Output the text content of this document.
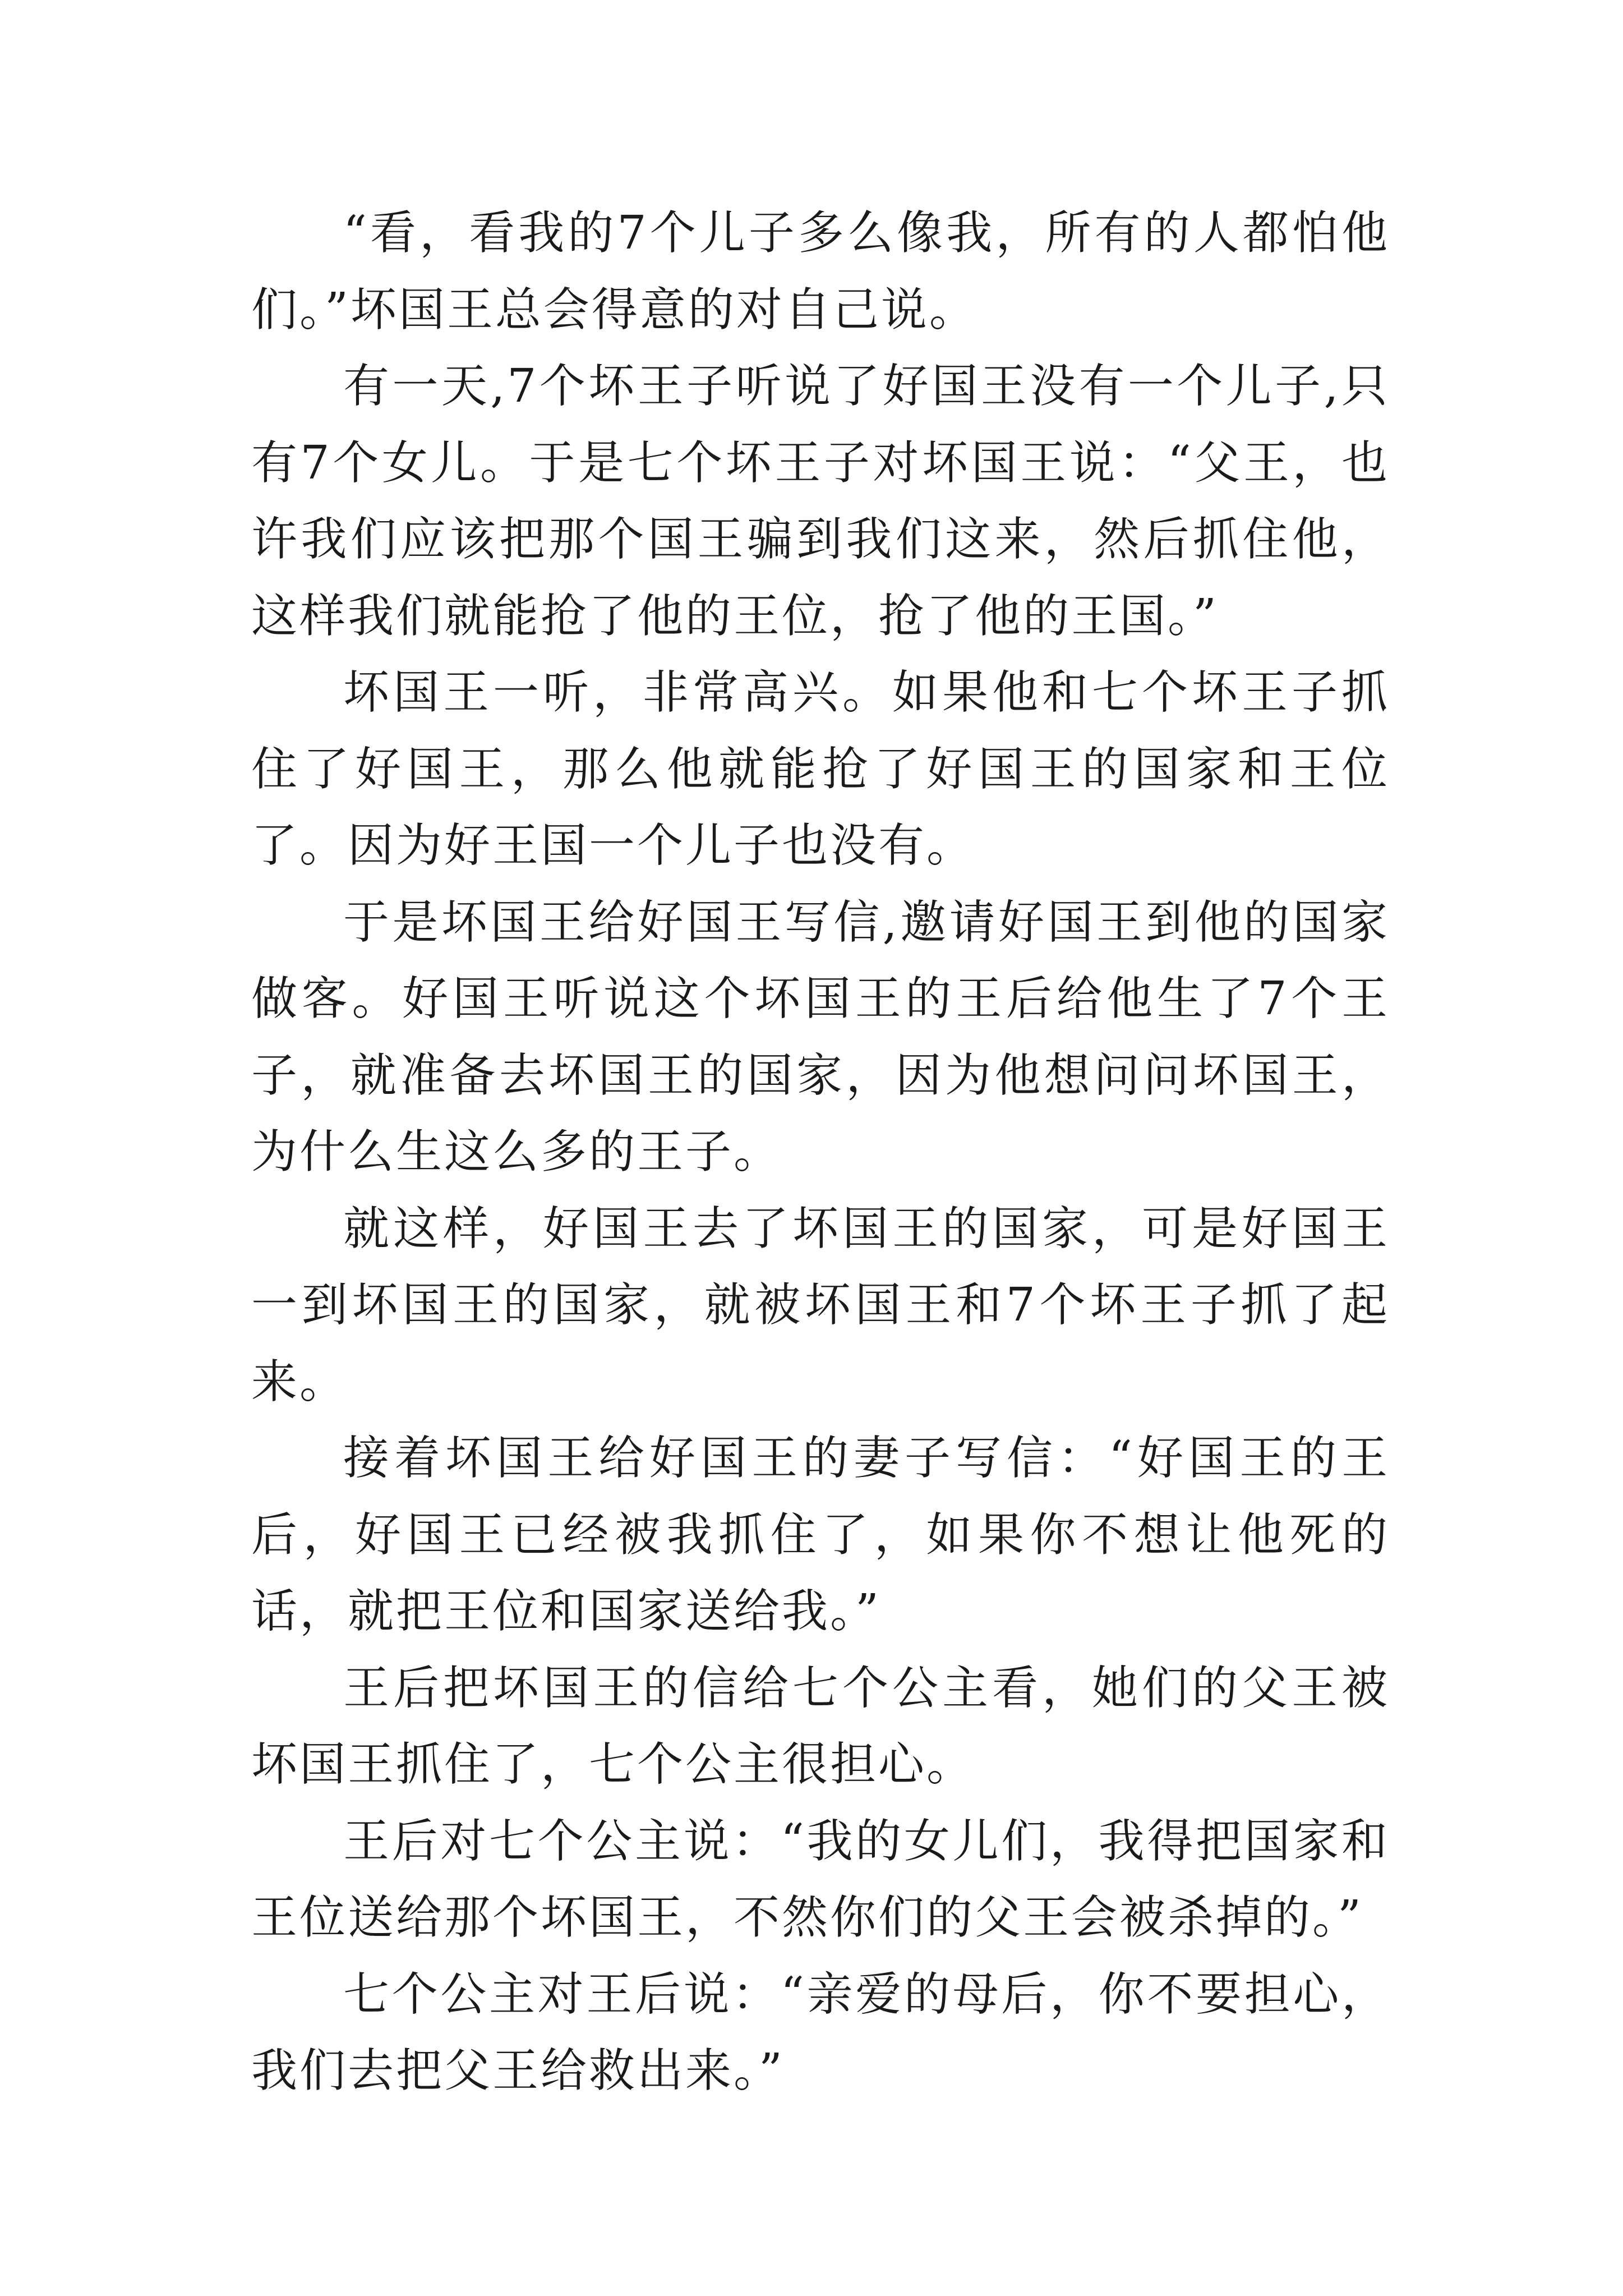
“看，看我的7个儿子多么像我，所有的人都怕他们。”坏国王总会得意的对自己说。

有一天,7个坏王子听说了好国王没有一个儿子,只有7个女儿。于是七个坏王子对坏国王说：“父王，也许我们应该把那个国王骗到我们这来，然后抓住他，这样我们就能抢了他的王位，抢了他的王国。”

坏国王一听，非常高兴。如果他和七个坏王子抓住了好国王，那么他就能抢了好国王的国家和王位了。因为好王国一个儿子也没有。

于是坏国王给好国王写信,邀请好国王到他的国家做客。好国王听说这个坏国王的王后给他生了7个王子，就准备去坏国王的国家，因为他想问问坏国王，为什么生这么多的王子。

就这样，好国王去了坏国王的国家，可是好国王一到坏国王的国家，就被坏国王和7个坏王子抓了起来。

接着坏国王给好国王的妻子写信：“好国王的王后，好国王已经被我抓住了，如果你不想让他死的话，就把王位和国家送给我。”

王后把坏国王的信给七个公主看，她们的父王被坏国王抓住了，七个公主很担心。

王后对七个公主说：“我的女儿们，我得把国家和王位送给那个坏国王，不然你们的父王会被杀掉的。”

七个公主对王后说：“亲爱的母后，你不要担心，我们去把父王给救出来。”
